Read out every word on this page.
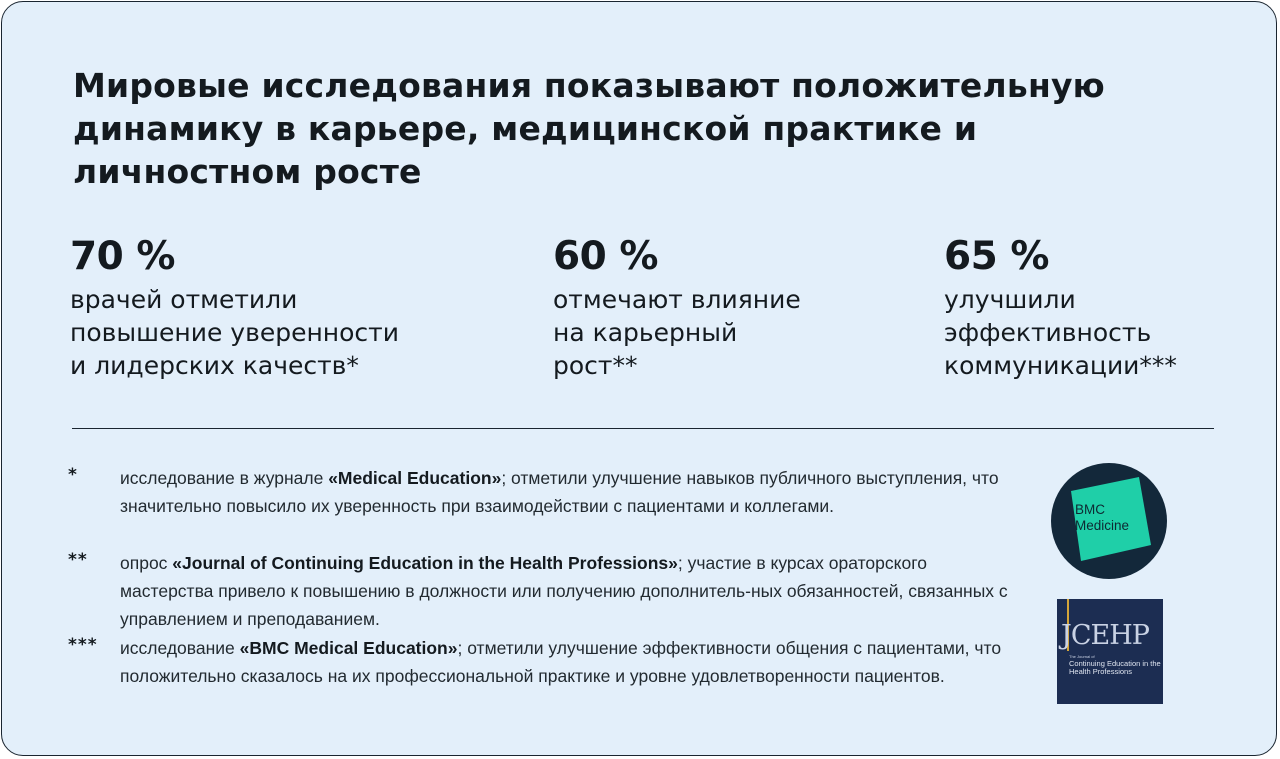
Мировые исследования показывают положительную динамику в карьере, медицинской практике и личностном росте
70 %
врачей отметили
повышение уверенности
и лидерских качеств*
60 %
отмечают влияние
на карьерный
рост**
65 %
улучшили
эффективность
коммуникации***
* исследование в журнале «Medical Education»; отметили улучшение навыков публичного выступления, что значительно повысило их уверенность при взаимодействии с пациентами и коллегами.
** опрос «Journal of Continuing Education in the Health Professions»; участие в курсах ораторского мастерства привело к повышению в должности или получению дополнитель-ных обязанностей, связанных с управлением и преподаванием.
*** исследование «BMC Medical Education»; отметили улучшение эффективности общения с пациентами, что положительно сказалось на их профессиональной практике и уровне удовлетворенности пациентов.
BMC
Medicine
JCEHP
The Journal of
Continuing Education in the
Health Professions
